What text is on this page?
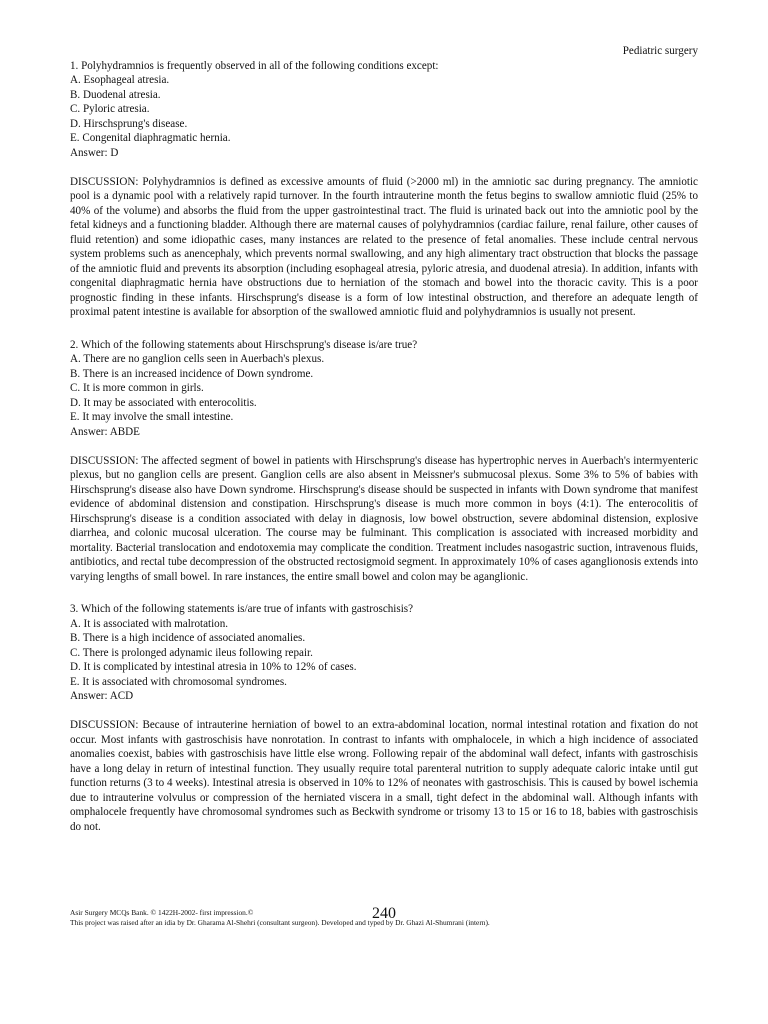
Pediatric surgery

1. Polyhydramnios is frequently observed in all of the following conditions except:

A. Esophageal atresia.

B. Duodenal atresia.

C. Pyloric atresia.

D. Hirschsprung's disease.

E. Congenital diaphragmatic hernia.

Answer: D

DISCUSSION: Polyhydramnios is defined as excessive amounts of fluid (>2000 ml) in the amniotic sac during pregnancy. The amniotic pool is a dynamic pool with a relatively rapid turnover. In the fourth intrauterine month the fetus begins to swallow amniotic fluid (25% to 40% of the volume) and absorbs the fluid from the upper gastrointestinal tract. The fluid is urinated back out into the amniotic pool by the fetal kidneys and a functioning bladder. Although there are maternal causes of polyhydramnios (cardiac failure, renal failure, other causes of fluid retention) and some idiopathic cases, many instances are related to the presence of fetal anomalies. These include central nervous system problems such as anencephaly, which prevents normal swallowing, and any high alimentary tract obstruction that blocks the passage of the amniotic fluid and prevents its absorption (including esophageal atresia, pyloric atresia, and duodenal atresia). In addition, infants with congenital diaphragmatic hernia have obstructions due to herniation of the stomach and bowel into the thoracic cavity. This is a poor prognostic finding in these infants. Hirschsprung's disease is a form of low intestinal obstruction, and therefore an adequate length of proximal patent intestine is available for absorption of the swallowed amniotic fluid and polyhydramnios is usually not present.

2. Which of the following statements about Hirschsprung's disease is/are true?

A. There are no ganglion cells seen in Auerbach's plexus.

B. There is an increased incidence of Down syndrome.

C. It is more common in girls.

D. It may be associated with enterocolitis.

E. It may involve the small intestine.

Answer: ABDE

DISCUSSION: The affected segment of bowel in patients with Hirschsprung's disease has hypertrophic nerves in Auerbach's intermyenteric plexus, but no ganglion cells are present. Ganglion cells are also absent in Meissner's submucosal plexus. Some 3% to 5% of babies with Hirschsprung's disease also have Down syndrome. Hirschsprung's disease should be suspected in infants with Down syndrome that manifest evidence of abdominal distension and constipation. Hirschsprung's disease is much more common in boys (4:1). The enterocolitis of Hirschsprung's disease is a condition associated with delay in diagnosis, low bowel obstruction, severe abdominal distension, explosive diarrhea, and colonic mucosal ulceration. The course may be fulminant. This complication is associated with increased morbidity and mortality. Bacterial translocation and endotoxemia may complicate the condition. Treatment includes nasogastric suction, intravenous fluids, antibiotics, and rectal tube decompression of the obstructed rectosigmoid segment. In approximately 10% of cases aganglionosis extends into varying lengths of small bowel. In rare instances, the entire small bowel and colon may be aganglionic.

3. Which of the following statements is/are true of infants with gastroschisis?

A. It is associated with malrotation.

B. There is a high incidence of associated anomalies.

C. There is prolonged adynamic ileus following repair.

D. It is complicated by intestinal atresia in 10% to 12% of cases.

E. It is associated with chromosomal syndromes.

Answer: ACD

DISCUSSION: Because of intrauterine herniation of bowel to an extra-abdominal location, normal intestinal rotation and fixation do not occur. Most infants with gastroschisis have nonrotation. In contrast to infants with omphalocele, in which a high incidence of associated anomalies coexist, babies with gastroschisis have little else wrong. Following repair of the abdominal wall defect, infants with gastroschisis have a long delay in return of intestinal function. They usually require total parenteral nutrition to supply adequate caloric intake until gut function returns (3 to 4 weeks). Intestinal atresia is observed in 10% to 12% of neonates with gastroschisis. This is caused by bowel ischemia due to intrauterine volvulus or compression of the herniated viscera in a small, tight defect in the abdominal wall. Although infants with omphalocele frequently have chromosomal syndromes such as Beckwith syndrome or trisomy 13 to 15 or 16 to 18, babies with gastroschisis do not.

240
Asir Surgery MCQs Bank. © 1422H-2002- first impression.©
This project was raised after an idia by Dr. Gharama Al-Shehri (consultant surgeon). Developed and typed by Dr. Ghazi Al-Shumrani (intern).
